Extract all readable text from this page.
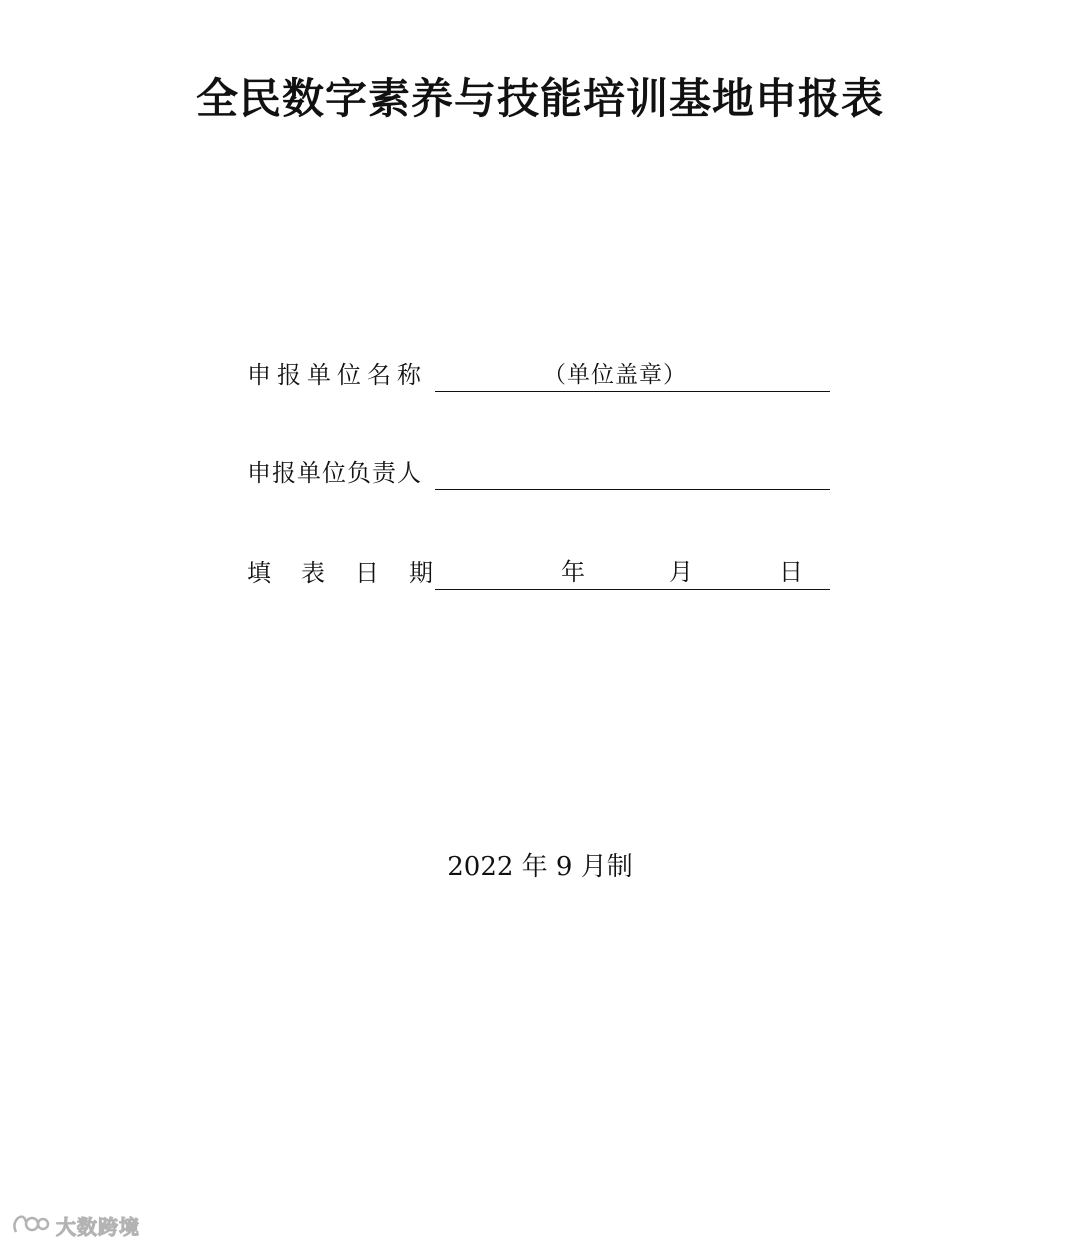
全民数字素养与技能培训基地申报表
申报单位名称	（单位盖章）
申报单位负责人
填表日期	年	月	日
2022 年 9 月制
大数跨境
